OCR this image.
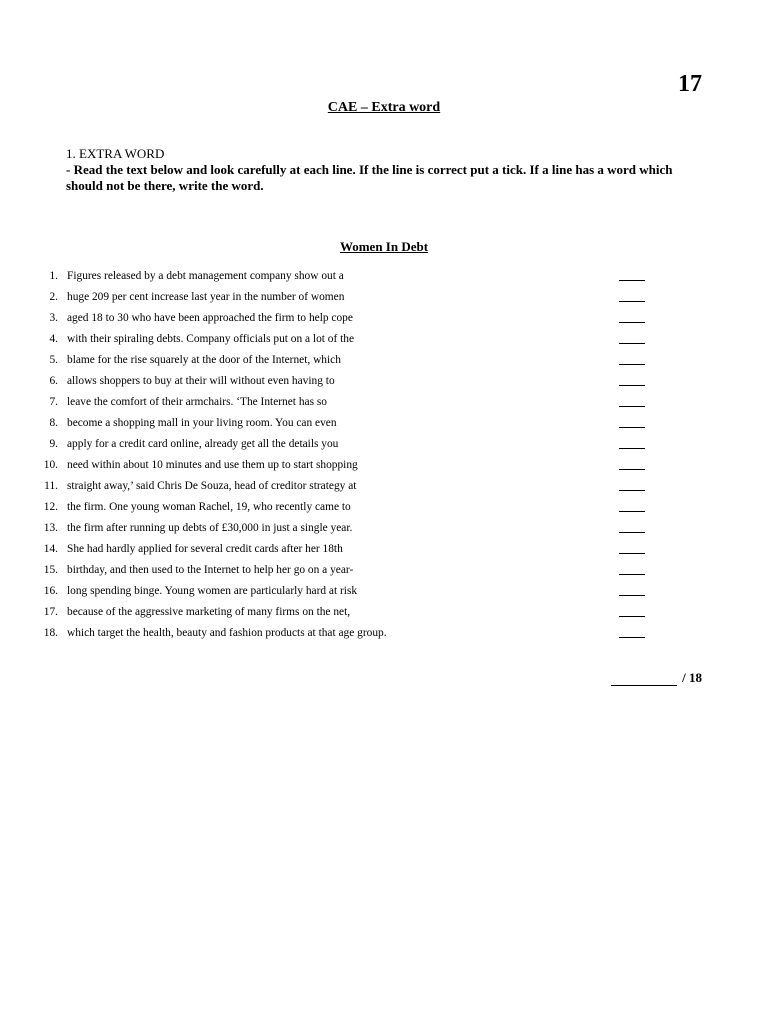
17
CAE – Extra word
1. EXTRA WORD
- Read the text below and look carefully at each line. If the line is correct put a tick. If a line has a word which should not be there, write the word.
Women In Debt
1. Figures released by a debt management company show out a
2. huge 209 per cent increase last year in the number of women
3. aged 18 to 30 who have been approached the firm to help cope
4. with their spiraling debts. Company officials put on a lot of the
5. blame for the rise squarely at the door of the Internet, which
6. allows shoppers to buy at their will without even having to
7. leave the comfort of their armchairs. ‘The Internet has so
8. become a shopping mall in your living room. You can even
9. apply for a credit card online, already get all the details you
10. need within about 10 minutes and use them up to start shopping
11. straight away,’ said Chris De Souza, head of creditor strategy at
12. the firm. One young woman Rachel, 19, who recently came to
13. the firm after running up debts of £30,000 in just a single year.
14. She had hardly applied for several credit cards after her 18th
15. birthday, and then used to the Internet to help her go on a year-
16. long spending binge. Young women are particularly hard at risk
17. because of the aggressive marketing of many firms on the net,
18. which target the health, beauty and fashion products at that age group.
/ 18
